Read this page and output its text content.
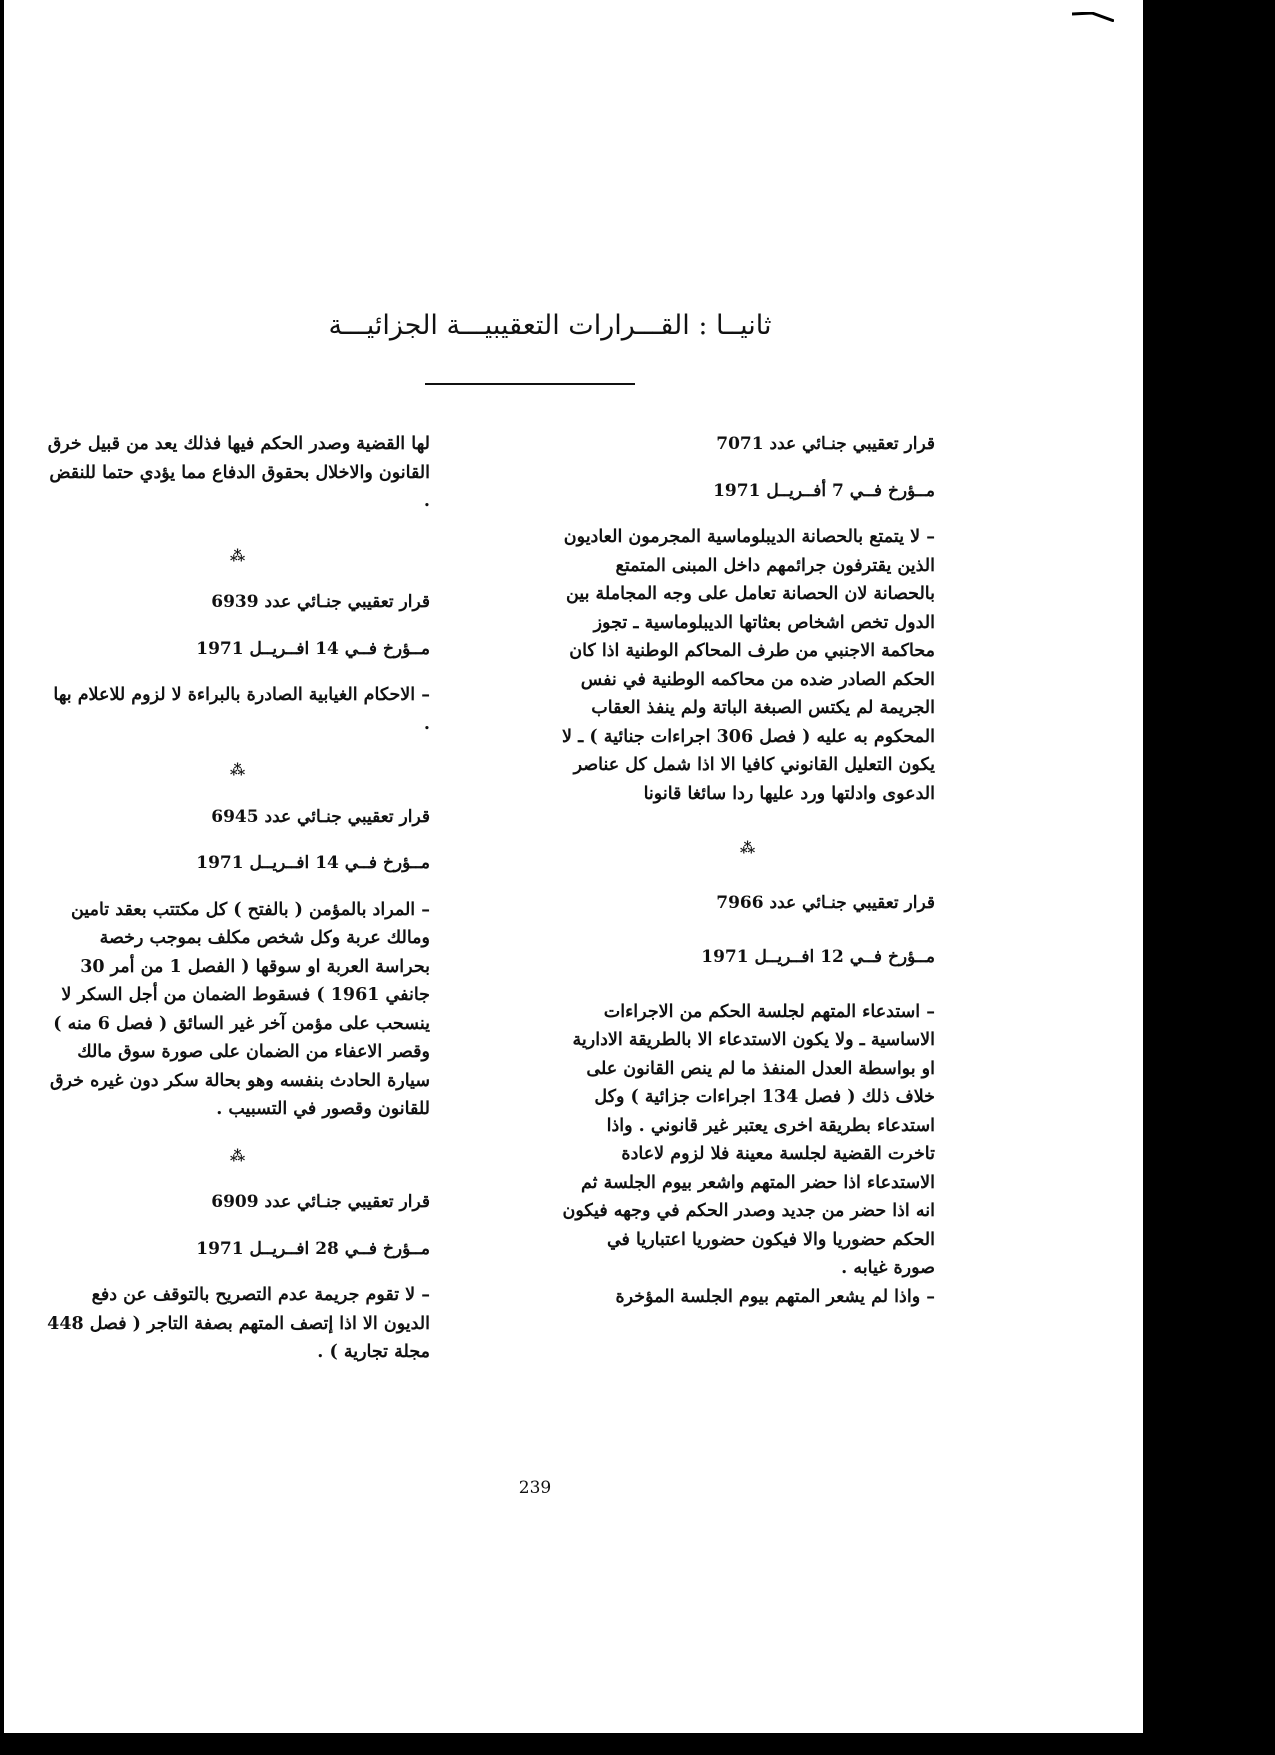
ثانيــا : القـــرارات التعقيبيـــة الجزائيـــة

قرار تعقيبي جنـائي عدد 7071

مــؤرخ فــي 7 أفــريــل 1971

– لا يتمتع بالحصانة الديبلوماسية المجرمون العاديون الذين يقترفون جرائمهم داخل المبنى المتمتع بالحصانة لان الحصانة تعامل على وجه المجاملة بين الدول تخص اشخاص بعثاتها الديبلوماسية ـ تجوز محاكمة الاجنبي من طرف المحاكم الوطنية اذا كان الحكم الصادر ضده من محاكمه الوطنية في نفس الجريمة لم يكتس الصبغة الباتة ولم ينفذ العقاب المحكوم به عليه ( فصل 306 اجراءات جنائية ) ـ لا يكون التعليل القانوني كافيا الا اذا شمل كل عناصر الدعوى وادلتها ورد عليها ردا سائغا قانونا

⁂

قرار تعقيبي جنـائي عدد 7966

مــؤرخ فــي 12 افــريــل 1971

– استدعاء المتهم لجلسة الحكم من الاجراءات الاساسية ـ ولا يكون الاستدعاء الا بالطريقة الادارية او بواسطة العدل المنفذ ما لم ينص القانون على خلاف ذلك ( فصل 134 اجراءات جزائية ) وكل استدعاء بطريقة اخرى يعتبر غير قانوني . واذا تاخرت القضية لجلسة معينة فلا لزوم لاعادة الاستدعاء اذا حضر المتهم واشعر بيوم الجلسة ثم انه اذا حضر من جديد وصدر الحكم في وجهه فيكون الحكم حضوريا والا فيكون حضوريا اعتباريا في صورة غيابه .

– واذا لم يشعر المتهم بيوم الجلسة المؤخرة

لها القضية وصدر الحكم فيها فذلك يعد من قبيل خرق القانون والاخلال بحقوق الدفاع مما يؤدي حتما للنقض .

⁂

قرار تعقيبي جنـائي عدد 6939

مــؤرخ فــي 14 افــريــل 1971

– الاحكام الغيابية الصادرة بالبراءة لا لزوم للاعلام بها .

⁂

قرار تعقيبي جنـائي عدد 6945

مــؤرخ فــي 14 افــريــل 1971

– المراد بالمؤمن ( بالفتح ) كل مكتتب بعقد تامين ومالك عربة وكل شخص مكلف بموجب رخصة بحراسة العربة او سوقها ( الفصل 1 من أمر 30 جانفي 1961 ) فسقوط الضمان من أجل السكر لا ينسحب على مؤمن آخر غير السائق ( فصل 6 منه ) وقصر الاعفاء من الضمان على صورة سوق مالك سيارة الحادث بنفسه وهو بحالة سكر دون غيره خرق للقانون وقصور في التسبيب .

⁂

قرار تعقيبي جنـائي عدد 6909

مــؤرخ فــي 28 افــريــل 1971

– لا تقوم جريمة عدم التصريح بالتوقف عن دفع الديون الا اذا إتصف المتهم بصفة التاجر ( فصل 448 مجلة تجارية ) .

239
